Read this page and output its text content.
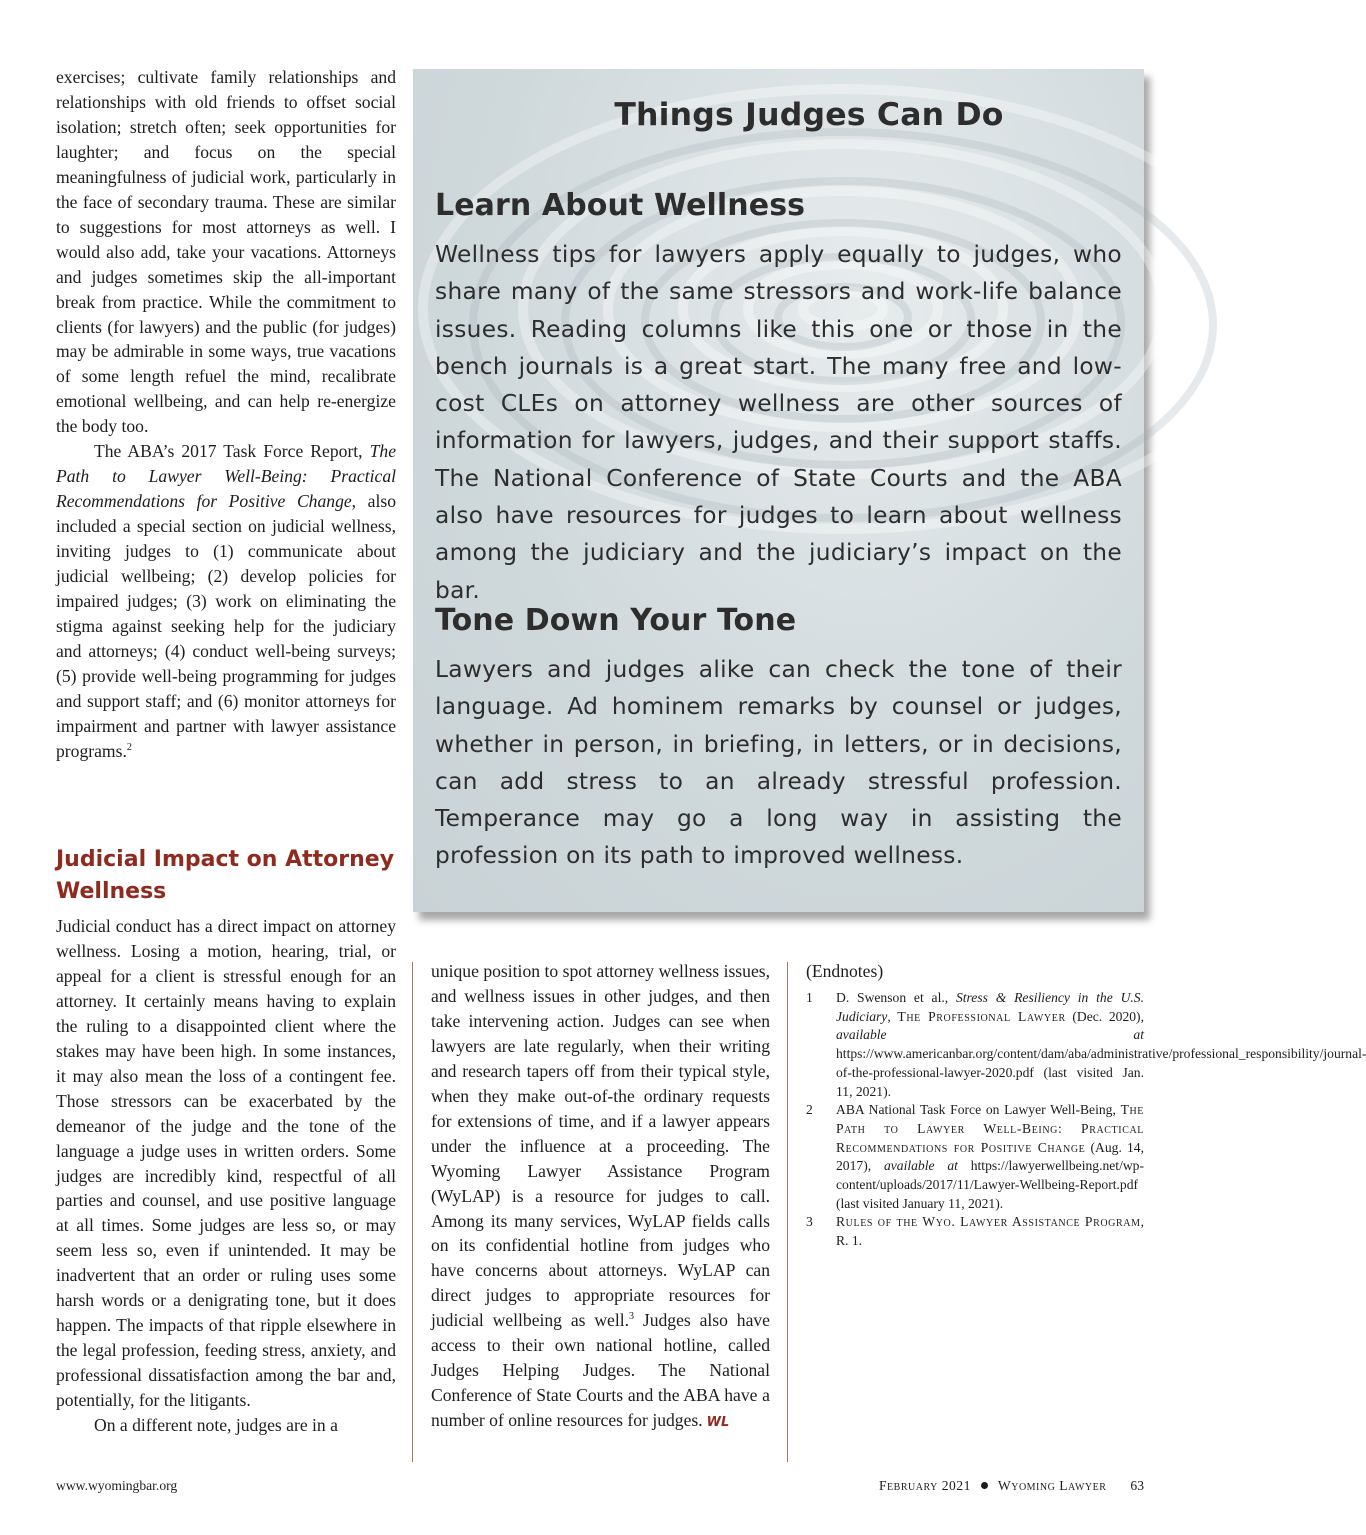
exercises; cultivate family relationships and relationships with old friends to offset social isolation; stretch often; seek opportunities for laughter; and focus on the special meaningfulness of judicial work, particularly in the face of secondary trauma. These are similar to suggestions for most attorneys as well. I would also add, take your vacations. Attorneys and judges sometimes skip the all-important break from practice. While the commitment to clients (for lawyers) and the public (for judges) may be admirable in some ways, true vacations of some length refuel the mind, recalibrate emotional wellbeing, and can help re-energize the body too.

The ABA’s 2017 Task Force Report, The Path to Lawyer Well-Being: Practical Recommendations for Positive Change, also included a special section on judicial wellness, inviting judges to (1) communicate about judicial wellbeing; (2) develop policies for impaired judges; (3) work on eliminating the stigma against seeking help for the judiciary and attorneys; (4) conduct well-being surveys; (5) provide well-being programming for judges and support staff; and (6) monitor attorneys for impairment and partner with lawyer assistance programs.$^2$

Judicial Impact on Attorney Wellness

Judicial conduct has a direct impact on attorney wellness. Losing a motion, hearing, trial, or appeal for a client is stressful enough for an attorney. It certainly means having to explain the ruling to a disappointed client where the stakes may have been high. In some instances, it may also mean the loss of a contingent fee. Those stressors can be exacerbated by the demeanor of the judge and the tone of the language a judge uses in written orders. Some judges are incredibly kind, respectful of all parties and counsel, and use positive language at all times. Some judges are less so, or may seem less so, even if unintended. It may be inadvertent that an order or ruling uses some harsh words or a denigrating tone, but it does happen. The impacts of that ripple elsewhere in the legal profession, feeding stress, anxiety, and professional dissatisfaction among the bar and, potentially, for the litigants.

On a different note, judges are in a

Things Judges Can Do
Learn About Wellness

Wellness tips for lawyers apply equally to judges, who share many of the same stressors and work-life balance issues. Reading columns like this one or those in the bench journals is a great start. The many free and low-cost CLEs on attorney wellness are other sources of information for lawyers, judges, and their support staffs. The National Conference of State Courts and the ABA also have resources for judges to learn about wellness among the judiciary and the judiciary’s impact on the bar.

Tone Down Your Tone

Lawyers and judges alike can check the tone of their language. Ad hominem remarks by counsel or judges, whether in person, in briefing, in letters, or in decisions, can add stress to an already stressful profession. Temperance may go a long way in assisting the profession on its path to improved wellness.

unique position to spot attorney wellness issues, and wellness issues in other judges, and then take intervening action. Judges can see when lawyers are late regularly, when their writing and research tapers off from their typical style, when they make out-of-the ordinary requests for extensions of time, and if a lawyer appears under the influence at a proceeding. The Wyoming Lawyer Assistance Program (WyLAP) is a resource for judges to call. Among its many services, WyLAP fields calls on its confidential hotline from judges who have concerns about attorneys. WyLAP can direct judges to appropriate resources for judicial wellbeing as well.$^3$ Judges also have access to their own national hotline, called Judges Helping Judges. The National Conference of State Courts and the ABA have a number of online resources for judges. WL

(Endnotes)
1 D. Swenson et al., Stress & Resiliency in the U.S. Judiciary, The Professional Lawyer (Dec. 2020), available at https://www.americanbar.org/content/dam/aba/administrative/professional_responsibility/journal-of-the-professional-lawyer-2020.pdf (last visited Jan. 11, 2021).
2 ABA National Task Force on Lawyer Well-Being, The Path to Lawyer Well-Being: Practical Recommendations for Positive Change (Aug. 14, 2017), available at https://lawyerwellbeing.net/wp-content/uploads/2017/11/Lawyer-Wellbeing-Report.pdf (last visited January 11, 2021).
3 Rules of the Wyo. Lawyer Assistance Program, R. 1.
www.wyomingbar.org	February 2021 Wyoming Lawyer 63
